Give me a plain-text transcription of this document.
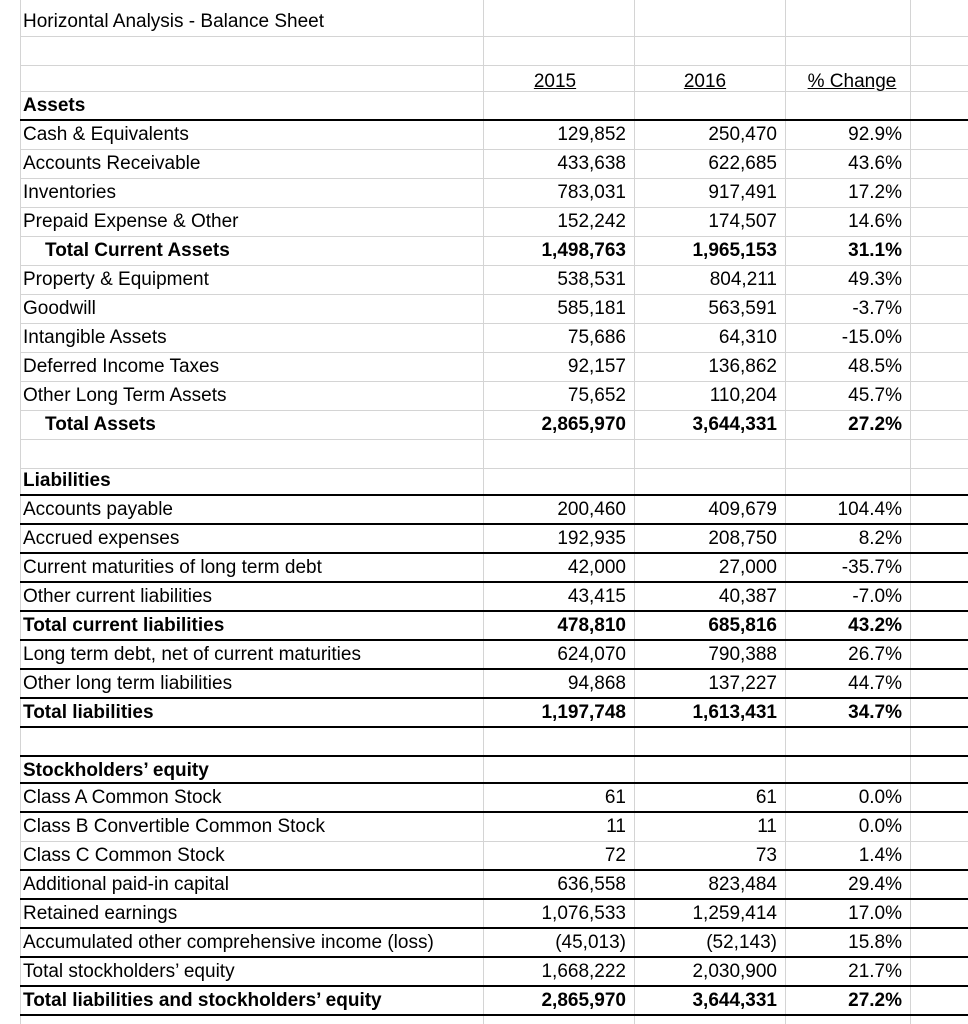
Horizontal Analysis - Balance Sheet
2015	2016	% Change
Assets
Cash & Equivalents	129,852	250,470	92.9%
Accounts Receivable	433,638	622,685	43.6%
Inventories	783,031	917,491	17.2%
Prepaid Expense & Other	152,242	174,507	14.6%
Total Current Assets	1,498,763	1,965,153	31.1%
Property & Equipment	538,531	804,211	49.3%
Goodwill	585,181	563,591	-3.7%
Intangible Assets	75,686	64,310	-15.0%
Deferred Income Taxes	92,157	136,862	48.5%
Other Long Term Assets	75,652	110,204	45.7%
Total Assets	2,865,970	3,644,331	27.2%
Liabilities
Accounts payable	200,460	409,679	104.4%
Accrued expenses	192,935	208,750	8.2%
Current maturities of long term debt	42,000	27,000	-35.7%
Other current liabilities	43,415	40,387	-7.0%
Total current liabilities	478,810	685,816	43.2%
Long term debt, net of current maturities	624,070	790,388	26.7%
Other long term liabilities	94,868	137,227	44.7%
Total liabilities	1,197,748	1,613,431	34.7%
Stockholders’ equity
Class A Common Stock	61	61	0.0%
Class B Convertible Common Stock	11	11	0.0%
Class C Common Stock	72	73	1.4%
Additional paid-in capital	636,558	823,484	29.4%
Retained earnings	1,076,533	1,259,414	17.0%
Accumulated other comprehensive income (loss)	(45,013)	(52,143)	15.8%
Total stockholders’ equity	1,668,222	2,030,900	21.7%
Total liabilities and stockholders’ equity	2,865,970	3,644,331	27.2%
